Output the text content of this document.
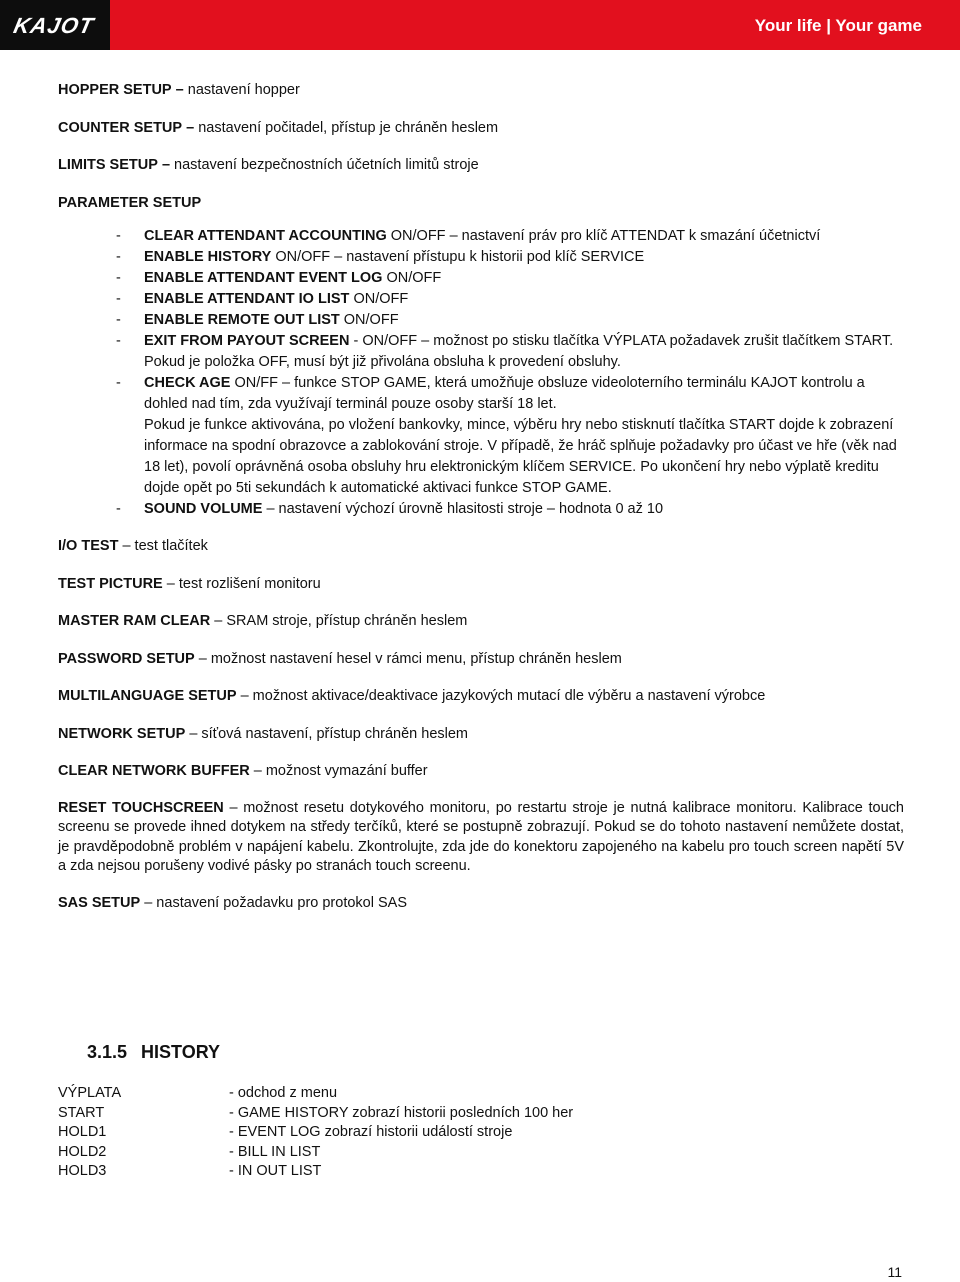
KAJOT	Your life | Your game

HOPPER SETUP – nastavení hopper

COUNTER SETUP – nastavení počitadel, přístup je chráněn heslem

LIMITS SETUP – nastavení bezpečnostních účetních limitů stroje

PARAMETER SETUP

- CLEAR ATTENDANT ACCOUNTING ON/OFF – nastavení práv pro klíč ATTENDAT k smazání účetnictví
- ENABLE HISTORY ON/OFF – nastavení přístupu k historii pod klíč SERVICE
- ENABLE ATTENDANT EVENT LOG ON/OFF
- ENABLE ATTENDANT IO LIST ON/OFF
- ENABLE REMOTE OUT LIST ON/OFF
- EXIT FROM PAYOUT SCREEN - ON/OFF – možnost po stisku tlačítka VÝPLATA požadavek zrušit tlačítkem START. Pokud je položka OFF, musí být již přivolána obsluha k provedení obsluhy.
- CHECK AGE ON/FF – funkce STOP GAME, která umožňuje obsluze videoloterního terminálu KAJOT kontrolu a dohled nad tím, zda využívají terminál pouze osoby starší 18 let.
Pokud je funkce aktivována, po vložení bankovky, mince, výběru hry nebo stisknutí tlačítka START dojde k zobrazení informace na spodní obrazovce a zablokování stroje. V případě, že hráč splňuje požadavky pro účast ve hře (věk nad 18 let), povolí oprávněná osoba obsluhy hru elektronickým klíčem SERVICE. Po ukončení hry nebo výplatě kreditu dojde opět po 5ti sekundách k automatické aktivaci funkce STOP GAME.
- SOUND VOLUME – nastavení výchozí úrovně hlasitosti stroje – hodnota 0 až 10

I/O TEST – test tlačítek

TEST PICTURE – test rozlišení monitoru

MASTER RAM CLEAR – SRAM stroje, přístup chráněn heslem

PASSWORD SETUP – možnost nastavení hesel v rámci menu, přístup chráněn heslem

MULTILANGUAGE SETUP – možnost aktivace/deaktivace jazykových mutací dle výběru a nastavení výrobce

NETWORK SETUP – síťová nastavení, přístup chráněn heslem

CLEAR NETWORK BUFFER – možnost vymazání buffer

RESET TOUCHSCREEN – možnost resetu dotykového monitoru, po restartu stroje je nutná kalibrace monitoru. Kalibrace touch screenu se provede ihned dotykem na středy terčíků, které se postupně zobrazují. Pokud se do tohoto nastavení nemůžete dostat, je pravděpodobně problém v napájení kabelu. Zkontrolujte, zda jde do konektoru zapojeného na kabelu pro touch screen napětí 5V a zda nejsou porušeny vodivé pásky po stranách touch screenu.

SAS SETUP – nastavení požadavku pro protokol SAS

3.1.5 HISTORY
VÝPLATA	- odchod z menu
START	- GAME HISTORY zobrazí historii posledních 100 her
HOLD1	- EVENT LOG zobrazí historii událostí stroje
HOLD2	- BILL IN LIST
HOLD3	- IN OUT LIST
11
